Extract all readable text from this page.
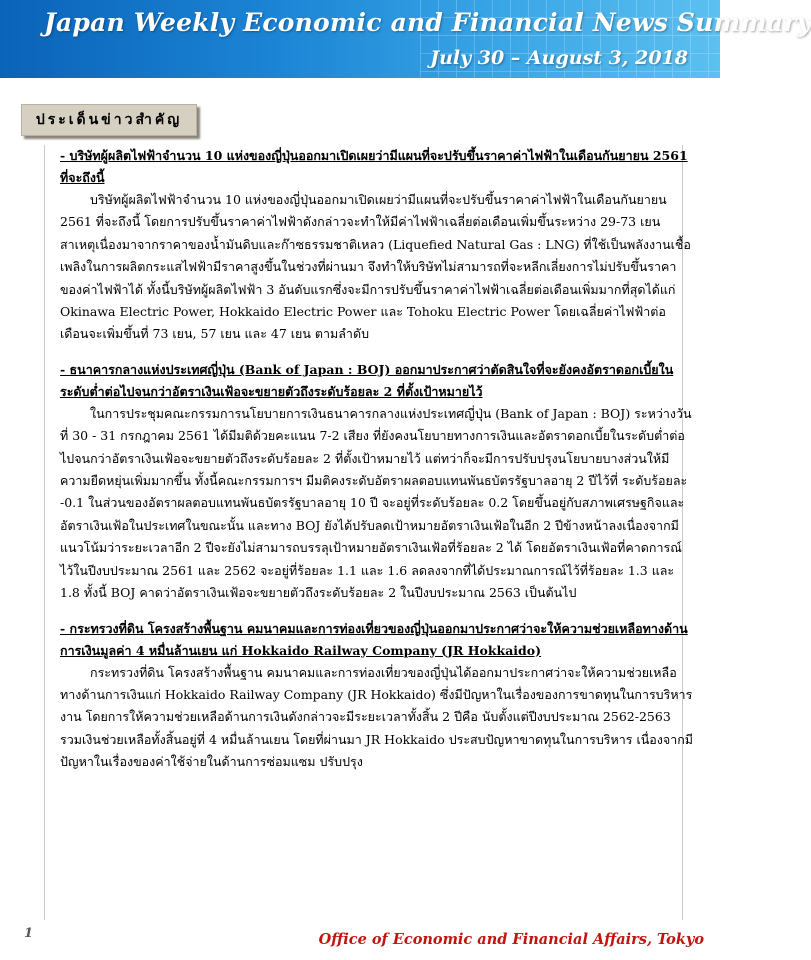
Japan Weekly Economic and Financial News Summary
July 30 – August 3, 2018
ประเด็นข่าวสำคัญ
- บริษัทผู้ผลิตไฟฟ้าจำนวน 10 แห่งของญี่ปุ่นออกมาเปิดเผยว่ามีแผนที่จะปรับขึ้นราคาค่าไฟฟ้าในเดือนกันยายน 2561 ที่จะถึงนี้
บริษัทผู้ผลิตไฟฟ้าจำนวน 10 แห่งของญี่ปุ่นออกมาเปิดเผยว่ามีแผนที่จะปรับขึ้นราคาค่าไฟฟ้าในเดือนกันยายน 2561 ที่จะถึงนี้ โดยการปรับขึ้นราคาค่าไฟฟ้าดังกล่าวจะทำให้มีค่าไฟฟ้าเฉลี่ยต่อเดือนเพิ่มขึ้นระหว่าง 29-73 เยน สาเหตุเนื่องมาจากราคาของน้ำมันดิบและก๊าซธรรมชาติเหลว (Liquefied Natural Gas : LNG) ที่ใช้เป็นพลังงานเชื้อเพลิงในการผลิตกระแสไฟฟ้ามีราคาสูงขึ้นในช่วงที่ผ่านมา จึงทำให้บริษัทไม่สามารถที่จะหลีกเลี่ยงการไม่ปรับขึ้นราคาของค่าไฟฟ้าได้ ทั้งนี้บริษัทผู้ผลิตไฟฟ้า 3 อันดับแรกซึ่งจะมีการปรับขึ้นราคาค่าไฟฟ้าเฉลี่ยต่อเดือนเพิ่มมากที่สุดได้แก่ Okinawa Electric Power, Hokkaido Electric Power และ Tohoku Electric Power โดยเฉลี่ยค่าไฟฟ้าต่อเดือนจะเพิ่มขึ้นที่ 73 เยน, 57 เยน และ 47 เยน ตามลำดับ
- ธนาคารกลางแห่งประเทศญี่ปุ่น (Bank of Japan : BOJ) ออกมาประกาศว่าตัดสินใจที่จะยังคงอัตราดอกเบี้ยในระดับต่ำต่อไปจนกว่าอัตราเงินเฟ้อจะขยายตัวถึงระดับร้อยละ 2 ที่ตั้งเป้าหมายไว้
ในการประชุมคณะกรรมการนโยบายการเงินธนาคารกลางแห่งประเทศญี่ปุ่น (Bank of Japan : BOJ) ระหว่างวันที่ 30 - 31 กรกฎาคม 2561 ได้มีมติด้วยคะแนน 7-2 เสียง ที่ยังคงนโยบายทางการเงินและอัตราดอกเบี้ยในระดับต่ำต่อไปจนกว่าอัตราเงินเฟ้อจะขยายตัวถึงระดับร้อยละ 2 ที่ตั้งเป้าหมายไว้ แต่ทว่าก็จะมีการปรับปรุงนโยบายบางส่วนให้มีความยืดหยุ่นเพิ่มมากขึ้น ทั้งนี้คณะกรรมการฯ มีมติคงระดับอัตราผลตอบแทนพันธบัตรรัฐบาลอายุ 2 ปีไว้ที่ ระดับร้อยละ -0.1 ในส่วนของอัตราผลตอบแทนพันธบัตรรัฐบาลอายุ 10 ปี จะอยู่ที่ระดับร้อยละ 0.2 โดยขึ้นอยู่กับสภาพเศรษฐกิจและอัตราเงินเฟ้อในประเทศในขณะนั้น และทาง BOJ ยังได้ปรับลดเป้าหมายอัตราเงินเฟ้อในอีก 2 ปีข้างหน้าลงเนื่องจากมีแนวโน้มว่าระยะเวลาอีก 2 ปีจะยังไม่สามารถบรรลุเป้าหมายอัตราเงินเฟ้อที่ร้อยละ 2 ได้ โดยอัตราเงินเฟ้อที่คาดการณ์ไว้ในปีงบประมาณ 2561 และ 2562 จะอยู่ที่ร้อยละ 1.1 และ 1.6 ลดลงจากที่ได้ประมาณการณ์ไว้ที่ร้อยละ 1.3 และ 1.8 ทั้งนี้ BOJ คาดว่าอัตราเงินเฟ้อจะขยายตัวถึงระดับร้อยละ 2 ในปีงบประมาณ 2563 เป็นต้นไป
- กระทรวงที่ดิน โครงสร้างพื้นฐาน คมนาคมและการท่องเที่ยวของญี่ปุ่นออกมาประกาศว่าจะให้ความช่วยเหลือทางด้านการเงินมูลค่า 4 หมื่นล้านเยน แก่ Hokkaido Railway Company (JR Hokkaido)
กระทรวงที่ดิน โครงสร้างพื้นฐาน คมนาคมและการท่องเที่ยวของญี่ปุ่นได้ออกมาประกาศว่าจะให้ความช่วยเหลือทางด้านการเงินแก่ Hokkaido Railway Company (JR Hokkaido) ซึ่งมีปัญหาในเรื่องของการขาดทุนในการบริหารงาน โดยการให้ความช่วยเหลือด้านการเงินดังกล่าวจะมีระยะเวลาทั้งสิ้น 2 ปีคือ นับตั้งแต่ปีงบประมาณ 2562-2563 รวมเงินช่วยเหลือทั้งสิ้นอยู่ที่ 4 หมื่นล้านเยน โดยที่ผ่านมา JR Hokkaido ประสบปัญหาขาดทุนในการบริหาร เนื่องจากมีปัญหาในเรื่องของค่าใช้จ่ายในด้านการซ่อมแซม ปรับปรุง
1	Office of Economic and Financial Affairs, Tokyo
